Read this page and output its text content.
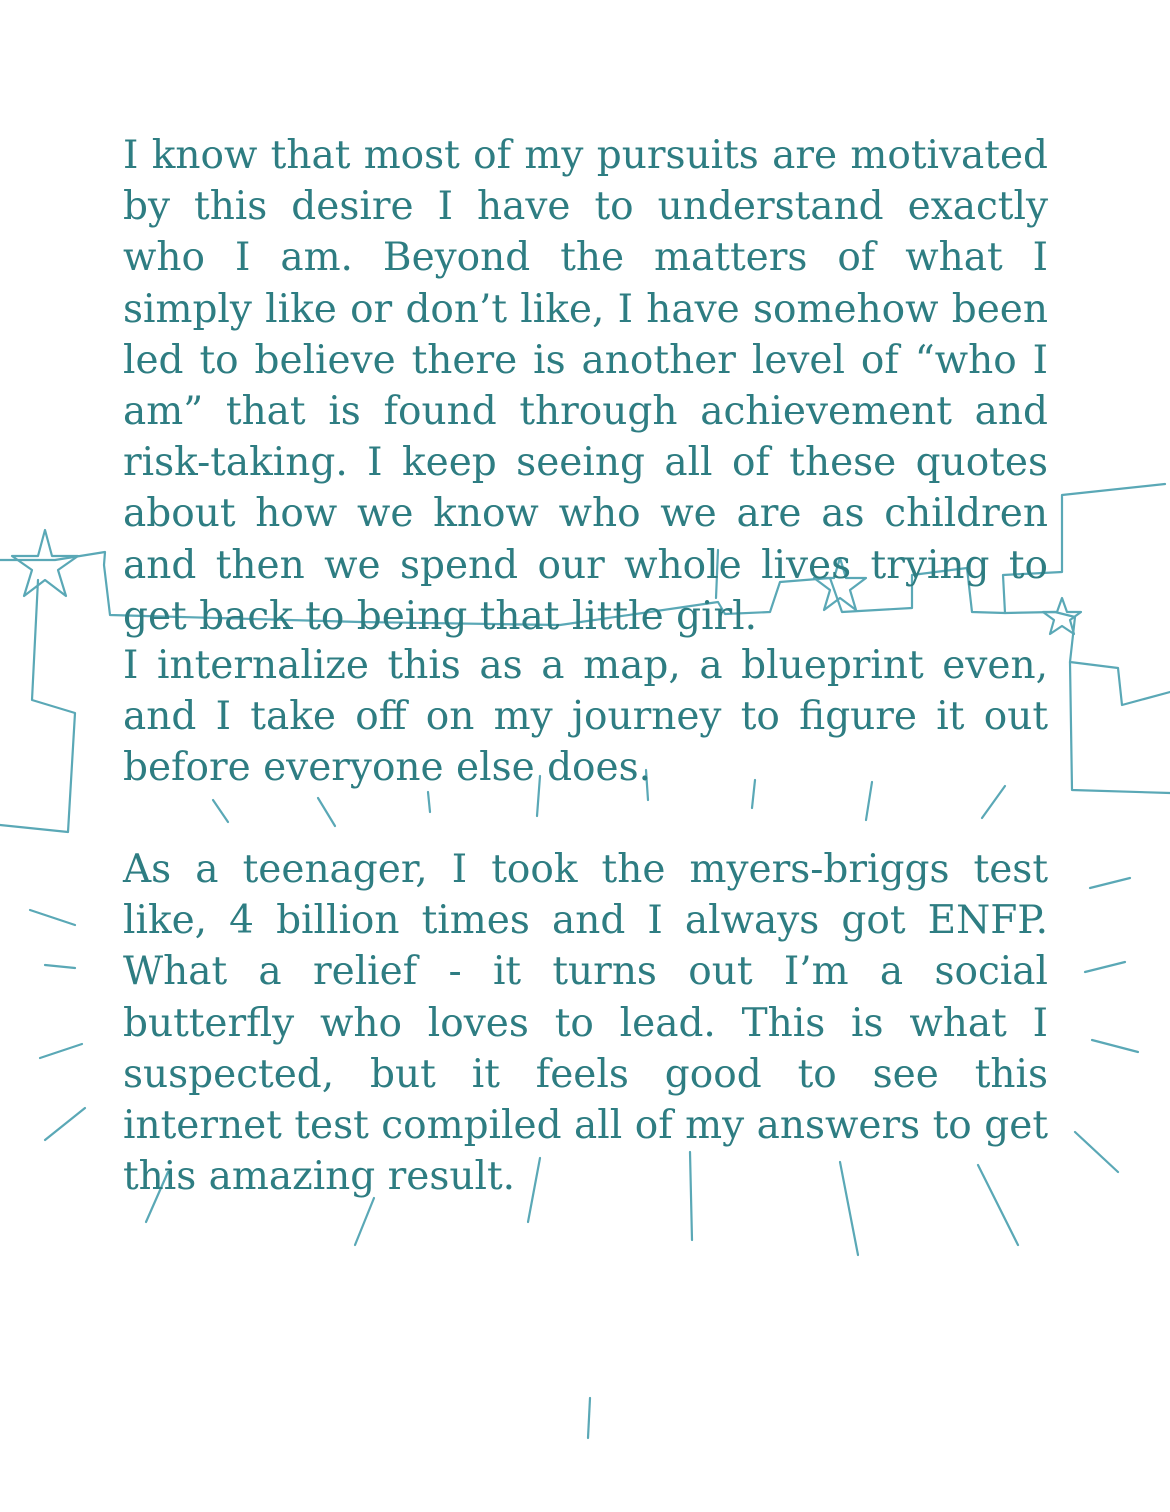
I know that most of my pursuits are motivated by this desire I have to understand exactly who I am. Beyond the matters of what I simply like or don’t like, I have somehow been led to believe there is another level of “who I am” that is found through achievement and risk-taking. I keep seeing all of these quotes about how we know who we are as children and then we spend our whole lives trying to get back to being that little girl.

I internalize this as a map, a blueprint even, and I take off on my journey to figure it out before everyone else does.

As a teenager, I took the myers-briggs test like, 4 billion times and I always got ENFP. What a relief - it turns out I’m a social butterfly who loves to lead. This is what I suspected, but it feels good to see this internet test compiled all of my answers to get this amazing result.
